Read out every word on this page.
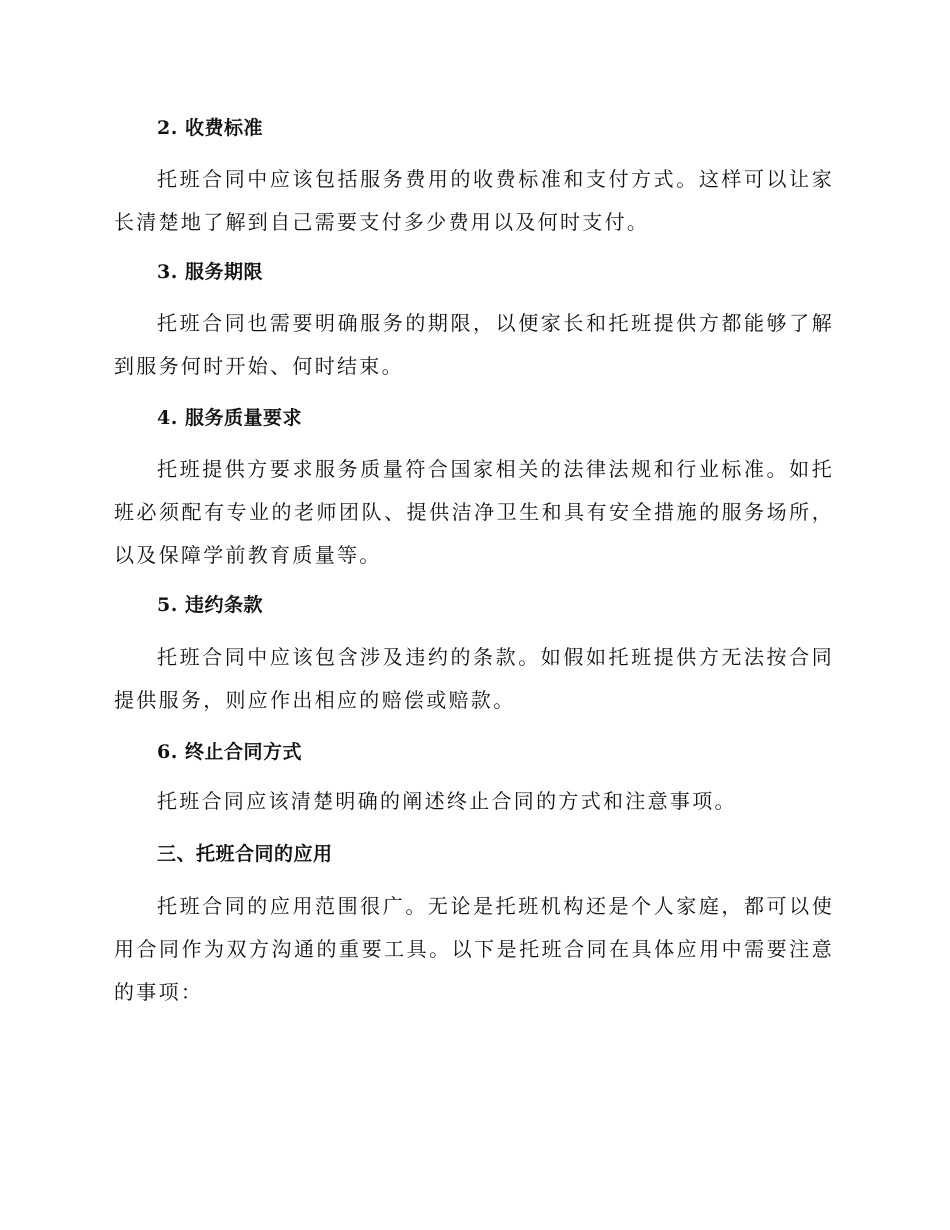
2. 收费标准
托班合同中应该包括服务费用的收费标准和支付方式。这样可以让家长清楚地了解到自己需要支付多少费用以及何时支付。
3. 服务期限
托班合同也需要明确服务的期限，以便家长和托班提供方都能够了解到服务何时开始、何时结束。
4. 服务质量要求
托班提供方要求服务质量符合国家相关的法律法规和行业标准。如托班必须配有专业的老师团队、提供洁净卫生和具有安全措施的服务场所，以及保障学前教育质量等。
5. 违约条款
托班合同中应该包含涉及违约的条款。如假如托班提供方无法按合同提供服务，则应作出相应的赔偿或赔款。
6. 终止合同方式
托班合同应该清楚明确的阐述终止合同的方式和注意事项。
三、托班合同的应用
托班合同的应用范围很广。无论是托班机构还是个人家庭，都可以使用合同作为双方沟通的重要工具。以下是托班合同在具体应用中需要注意的事项：
